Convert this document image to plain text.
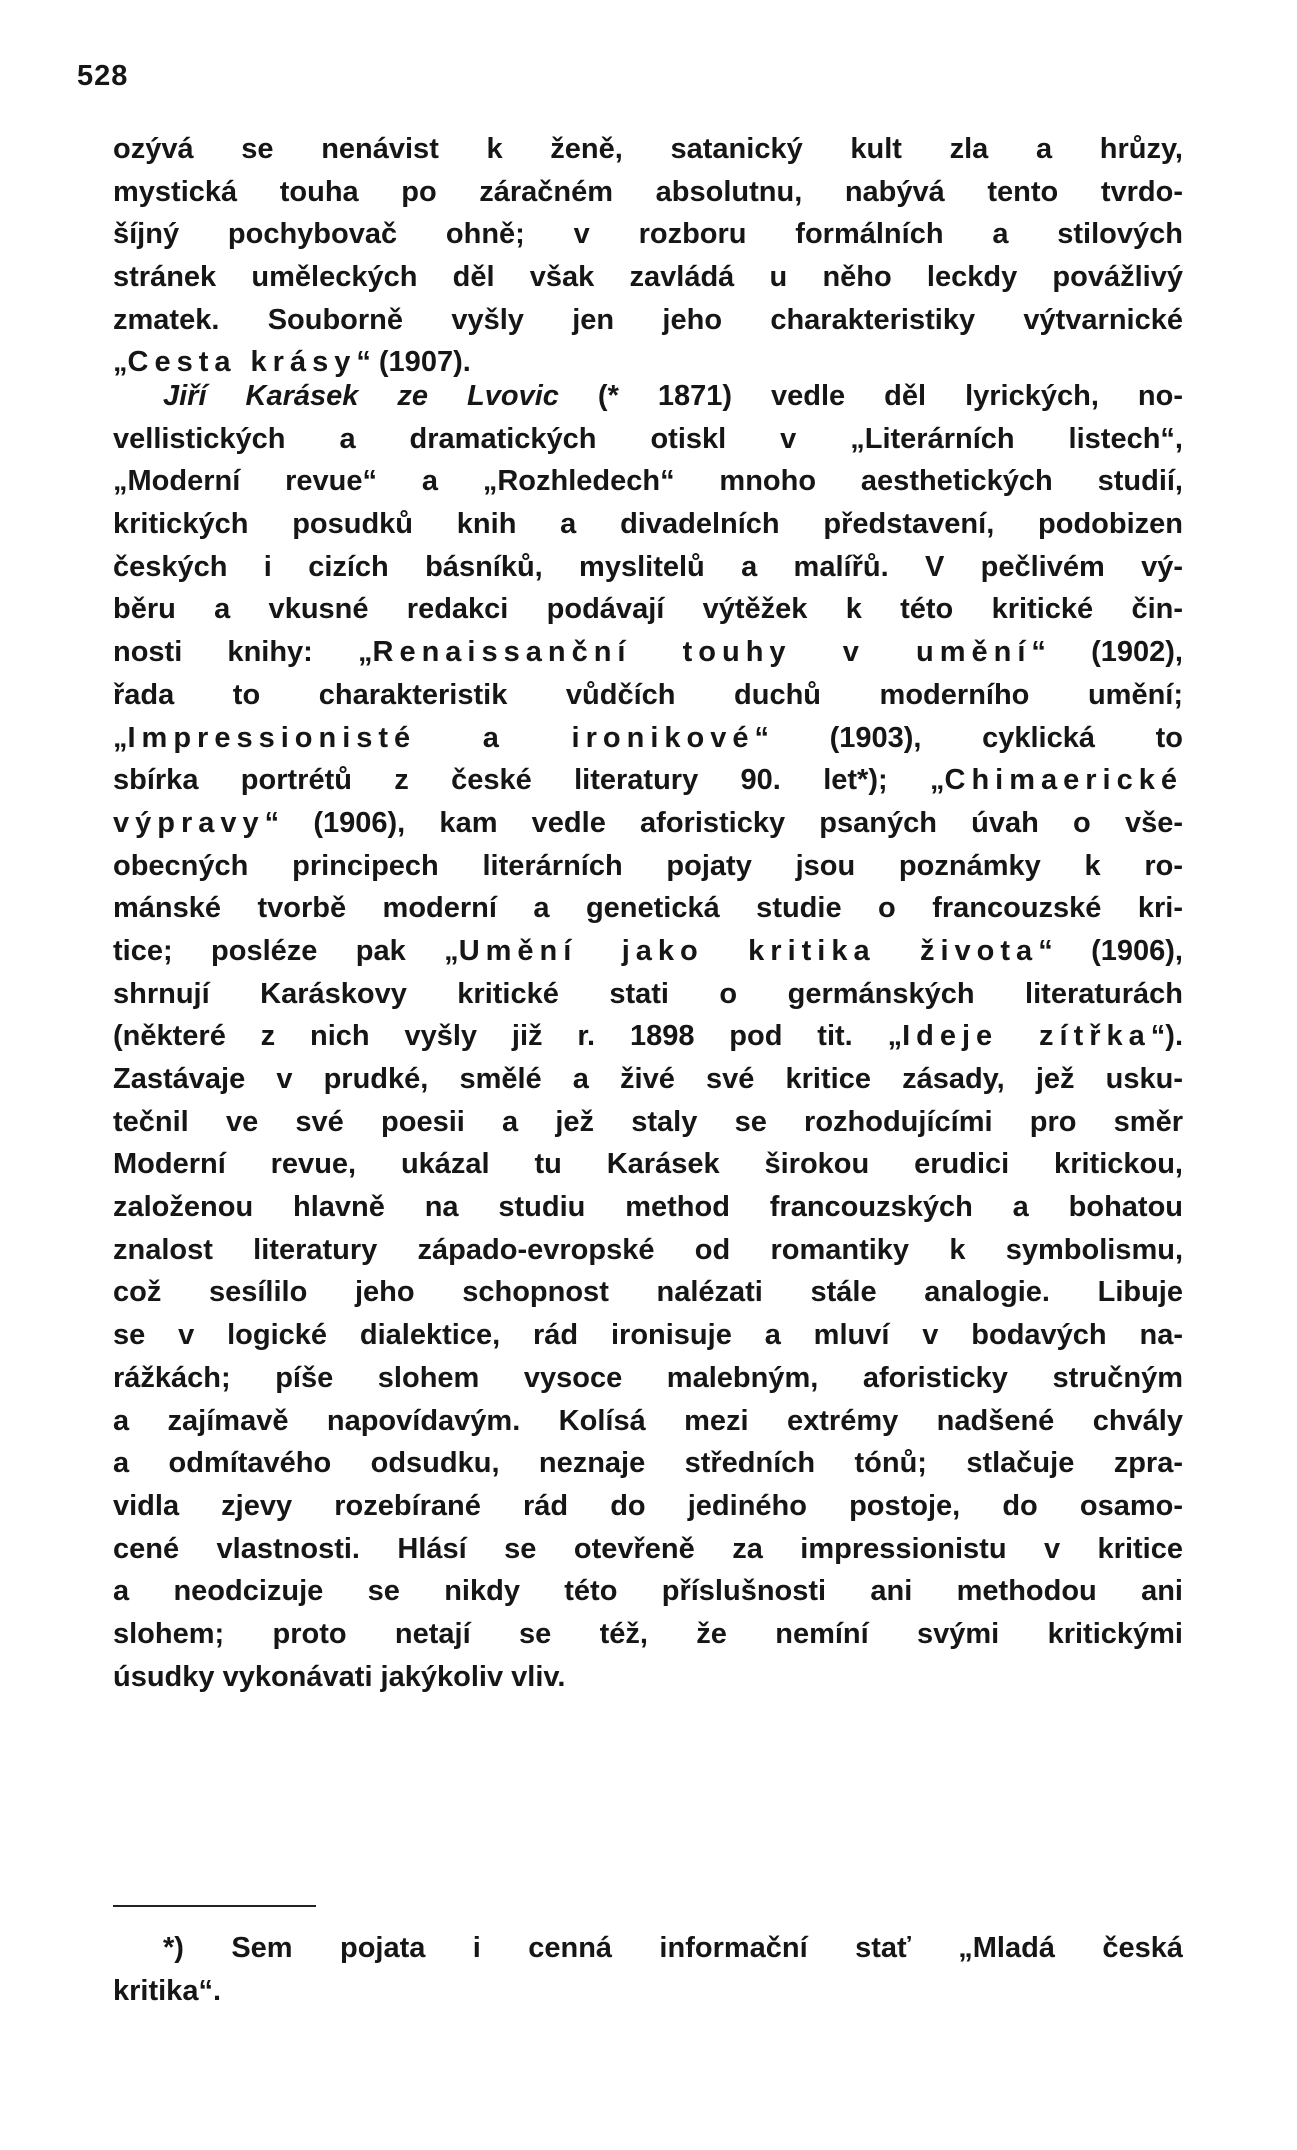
528
ozývá se nenávist k ženě, satanický kult zla a hrůzy,
mystická touha po záračném absolutnu, nabývá tento tvrdo-
šíjný pochybovač ohně; v rozboru formálních a stilových
stránek uměleckých děl však zavládá u něho leckdy povážlivý
zmatek. Souborně vyšly jen jeho charakteristiky výtvarnické
„Cesta krásy“ (1907).
Jiří Karásek ze Lvovic (* 1871) vedle děl lyrických, no-
vellistických a dramatických otiskl v „Literárních listech“,
„Moderní revue“ a „Rozhledech“ mnoho aesthetických studií,
kritických posudků knih a divadelních představení, podobizen
českých i cizích básníků, myslitelů a malířů. V pečlivém vý-
běru a vkusné redakci podávají výtěžek k této kritické čin-
nosti knihy: „Renaissanční touhy v umění“ (1902),
řada to charakteristik vůdčích duchů moderního umění;
„Impressionisté a ironikové“ (1903), cyklická to
sbírka portrétů z české literatury 90. let*); „Chimaerické
výpravy“ (1906), kam vedle aforisticky psaných úvah o vše-
obecných principech literárních pojaty jsou poznámky k ro-
mánské tvorbě moderní a genetická studie o francouzské kri-
tice; posléze pak „Umění jako kritika života“ (1906),
shrnují Karáskovy kritické stati o germánských literaturách
(některé z nich vyšly již r. 1898 pod tit. „Ideje zítřka“).
Zastávaje v prudké, smělé a živé své kritice zásady, jež usku-
tečnil ve své poesii a jež staly se rozhodujícími pro směr
Moderní revue, ukázal tu Karásek širokou erudici kritickou,
založenou hlavně na studiu method francouzských a bohatou
znalost literatury západo-evropské od romantiky k symbolismu,
což sesílilo jeho schopnost nalézati stále analogie. Libuje
se v logické dialektice, rád ironisuje a mluví v bodavých na-
rážkách; píše slohem vysoce malebným, aforisticky stručným
a zajímavě napovídavým. Kolísá mezi extrémy nadšené chvály
a odmítavého odsudku, neznaje středních tónů; stlačuje zpra-
vidla zjevy rozebírané rád do jediného postoje, do osamo-
cené vlastnosti. Hlásí se otevřeně za impressionistu v kritice
a neodcizuje se nikdy této příslušnosti ani methodou ani
slohem; proto netají se též, že nemíní svými kritickými
úsudky vykonávati jakýkoliv vliv.
*) Sem pojata i cenná informační stať „Mladá česká
kritika“.
